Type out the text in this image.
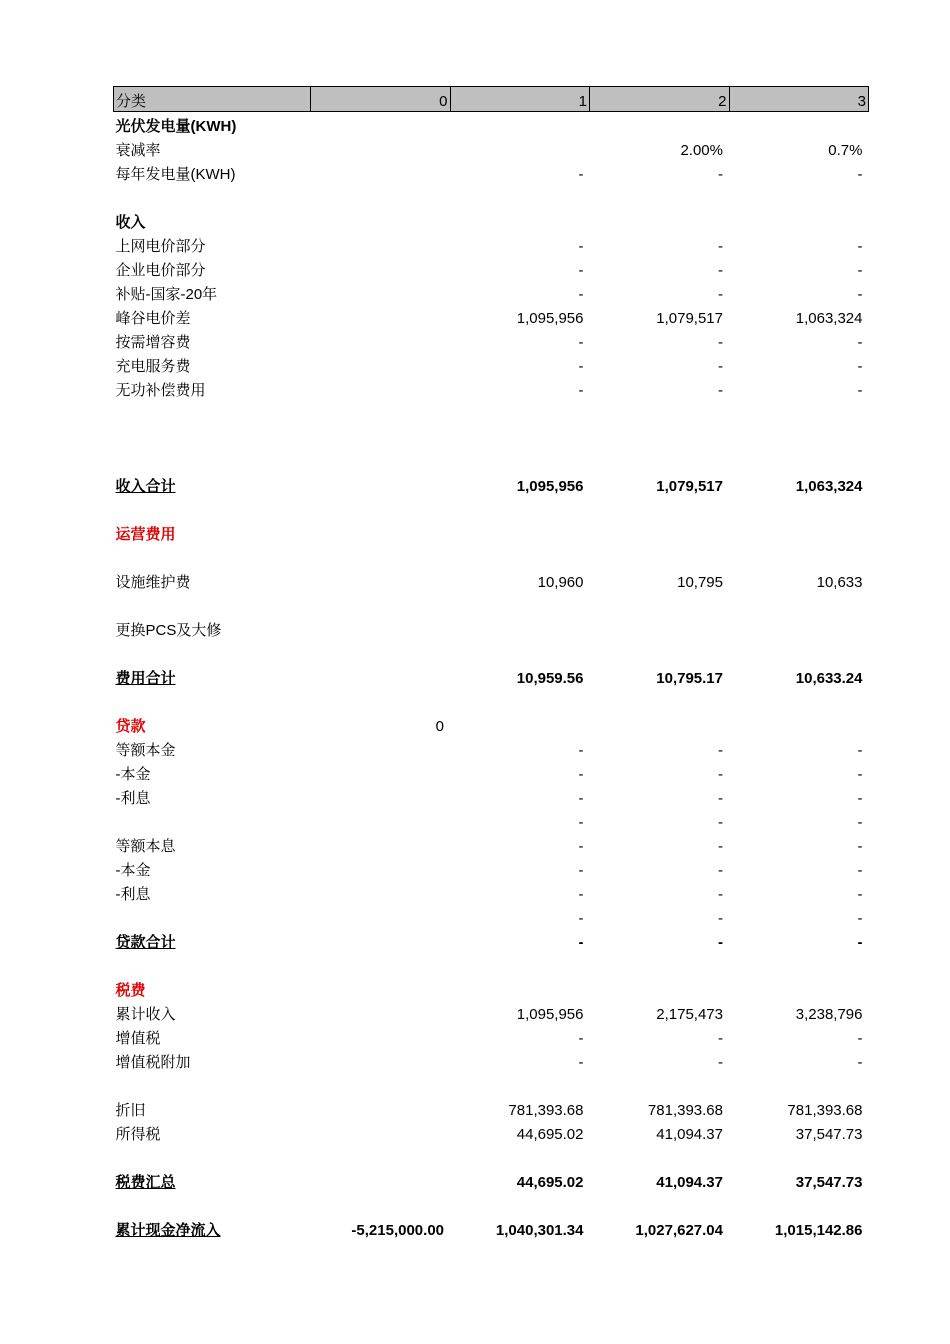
分类	0	1	2	3
光伏发电量(KWH)				
衰减率			2.00%	0.7%
每年发电量(KWH)		-	-	-

收入				
上网电价部分		-	-	-
企业电价部分		-	-	-
补贴-国家-20年		-	-	-
峰谷电价差		1,095,956	1,079,517	1,063,324
按需增容费		-	-	-
充电服务费		-	-	-
无功补偿费用		-	-	-

收入合计		1,095,956	1,079,517	1,063,324

运营费用				

设施维护费		10,960	10,795	10,633

更换PCS及大修				

费用合计		10,959.56	10,795.17	10,633.24

贷款	0			
等额本金		-	-	-
-本金		-	-	-
-利息		-	-	-
		-	-	-
等额本息		-	-	-
-本金		-	-	-
-利息		-	-	-
		-	-	-
贷款合计		-	-	-

税费				
累计收入		1,095,956	2,175,473	3,238,796
增值税		-	-	-
增值税附加		-	-	-

折旧		781,393.68	781,393.68	781,393.68
所得税		44,695.02	41,094.37	37,547.73

税费汇总		44,695.02	41,094.37	37,547.73

累计现金净流入	-5,215,000.00	1,040,301.34	1,027,627.04	1,015,142.86
